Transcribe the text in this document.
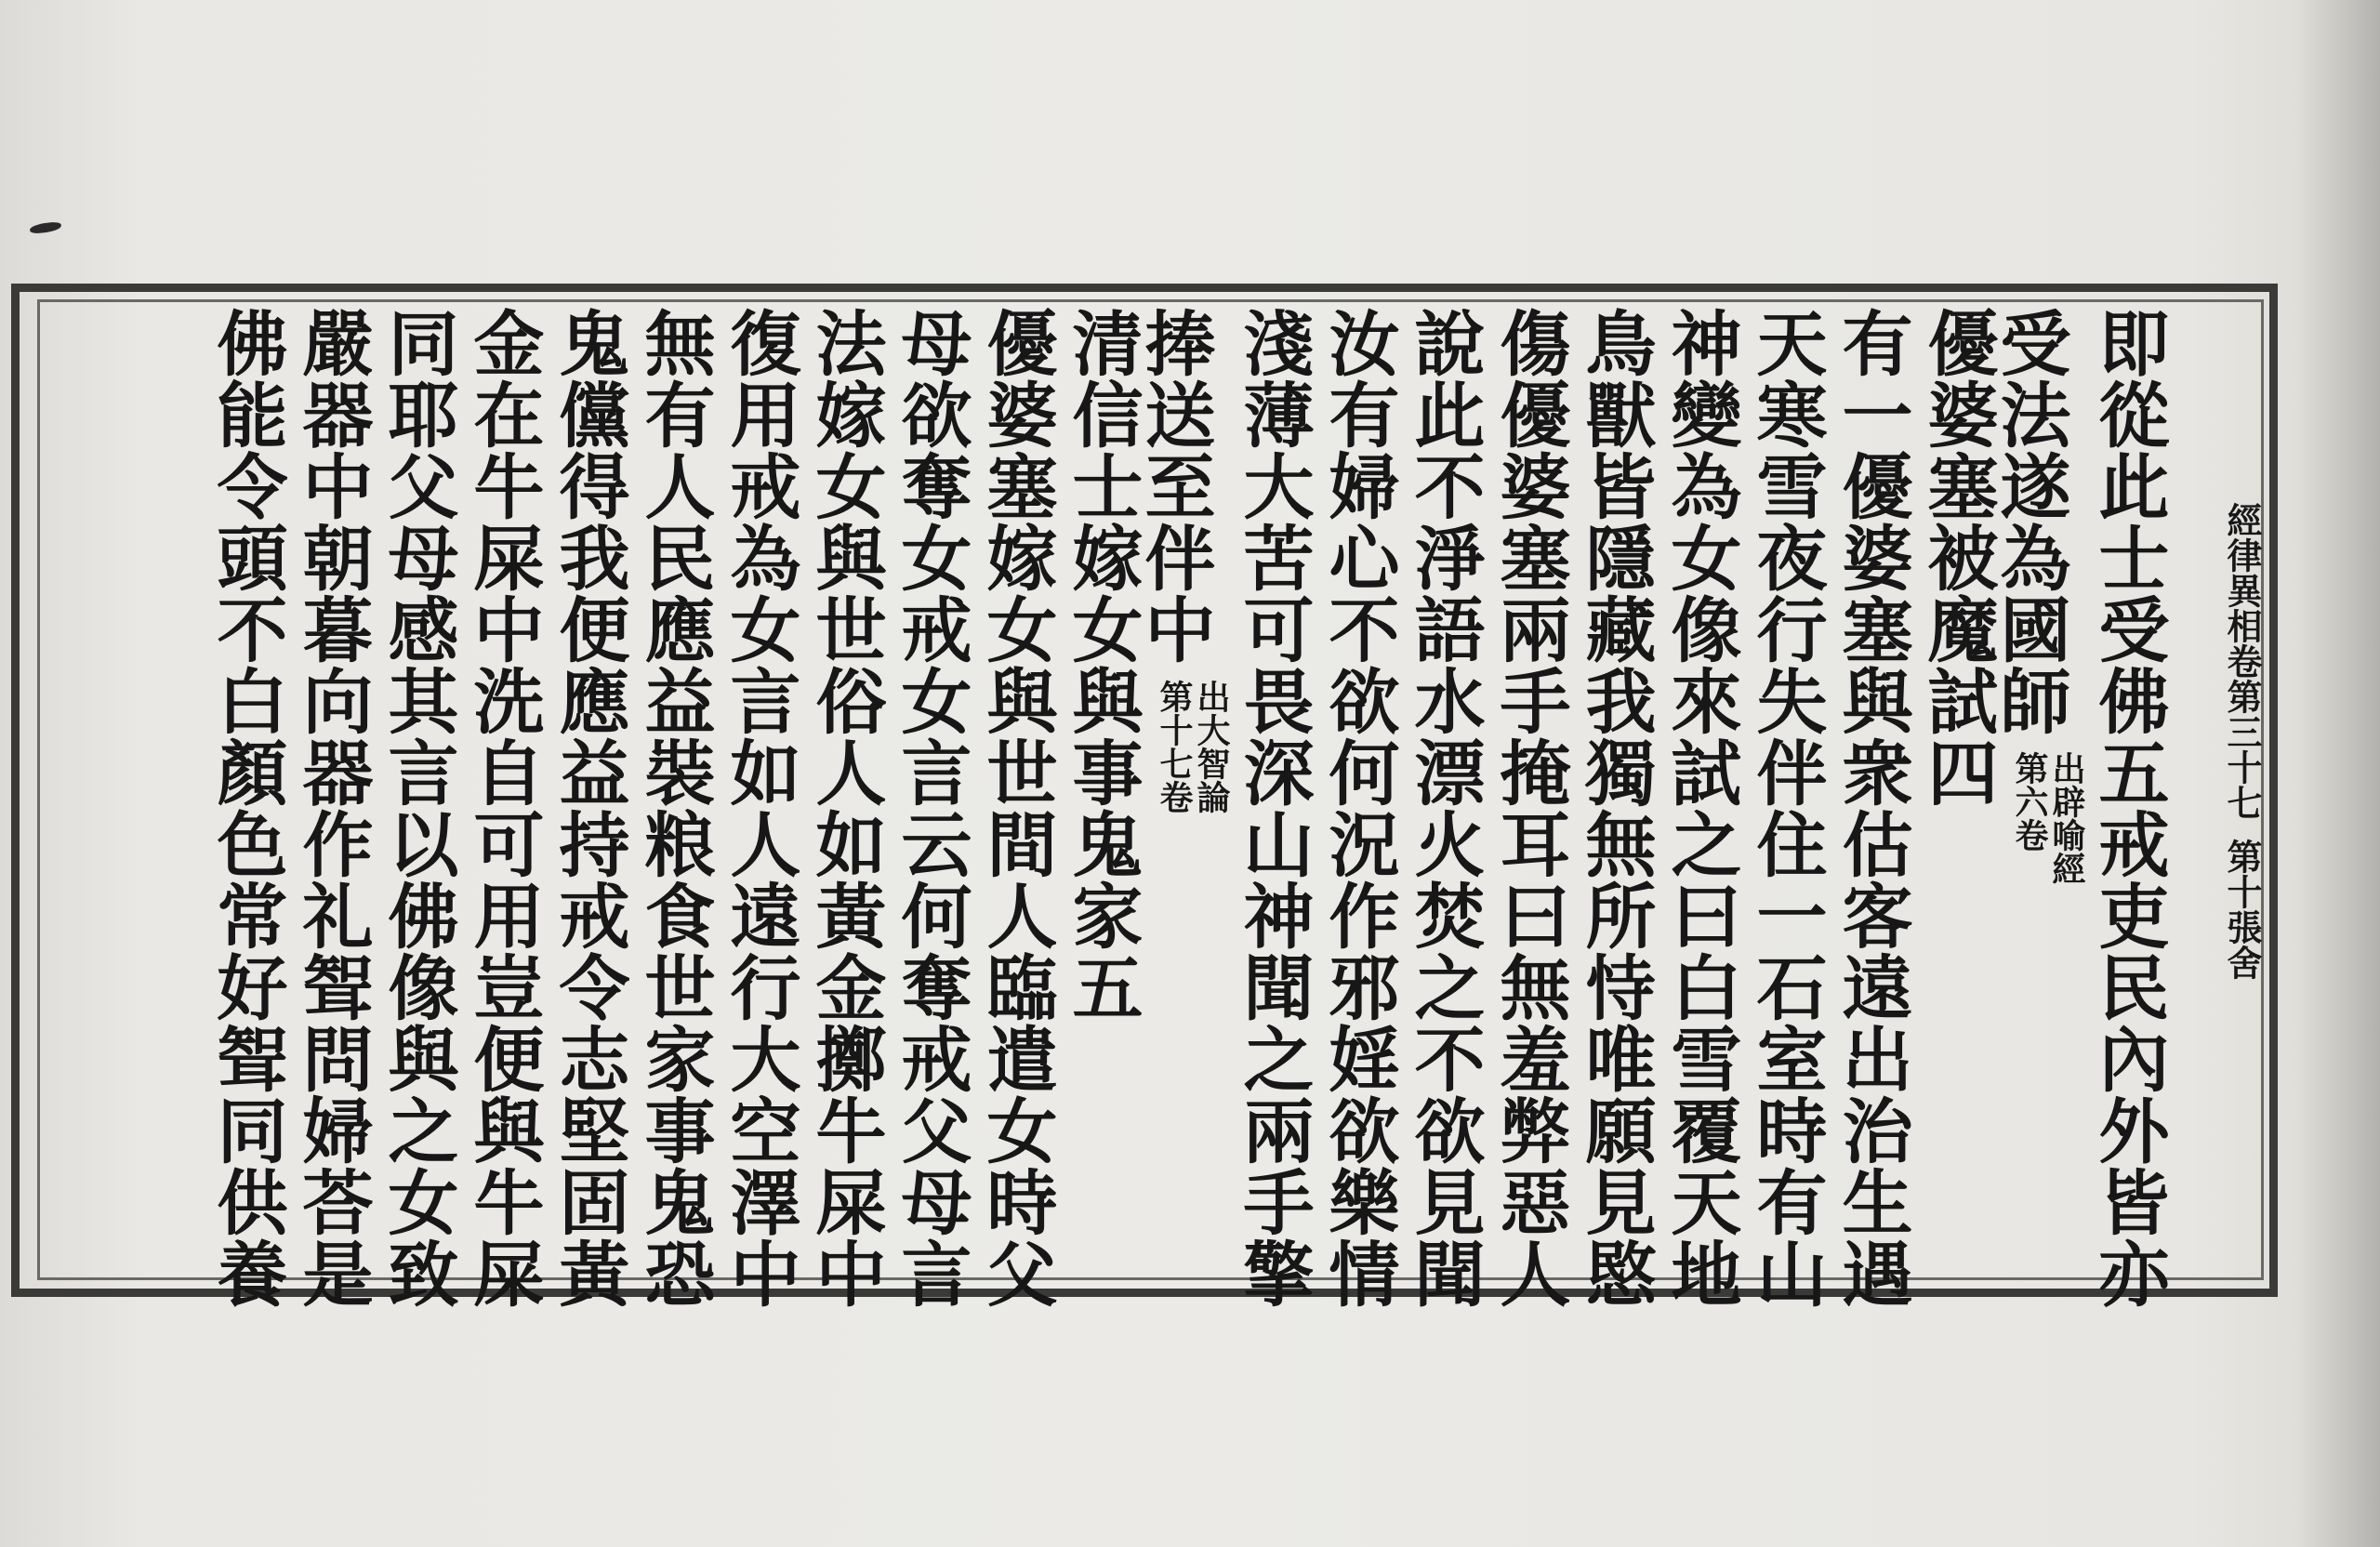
經律異相卷第三十七第十張舍
即從此士受佛五戒吏民內外皆亦
受法遂為國師
出辟喻經
第六卷
優婆塞被魔試四
有一優婆塞與衆估客遠出治生遇
天寒雪夜行失伴住一石室時有山
神變為女像來試之曰白雪覆天地
鳥獸皆隱藏我獨無所恃唯願見愍
傷優婆塞兩手掩耳曰無羞弊惡人
說此不淨語水漂火焚之不欲見聞
汝有婦心不欲何況作邪婬欲樂情
淺薄大苦可畏深山神聞之兩手擎
捧送至伴中
出大智論
第十七卷
清信士嫁女與事鬼家五
優婆塞嫁女與世間人臨遣女時父
母欲奪女戒女言云何奪戒父母言
法嫁女與世俗人如黃金擲牛屎中
復用戒為女言如人遠行大空澤中
無有人民應益裝粮食世家事鬼恐
鬼儻得我便應益持戒令志堅固黃
金在牛屎中洗自可用豈便與牛屎
同耶父母感其言以佛像與之女致
嚴器中朝暮向器作礼聟問婦荅是
佛能令頭不白顏色常好聟同供養
